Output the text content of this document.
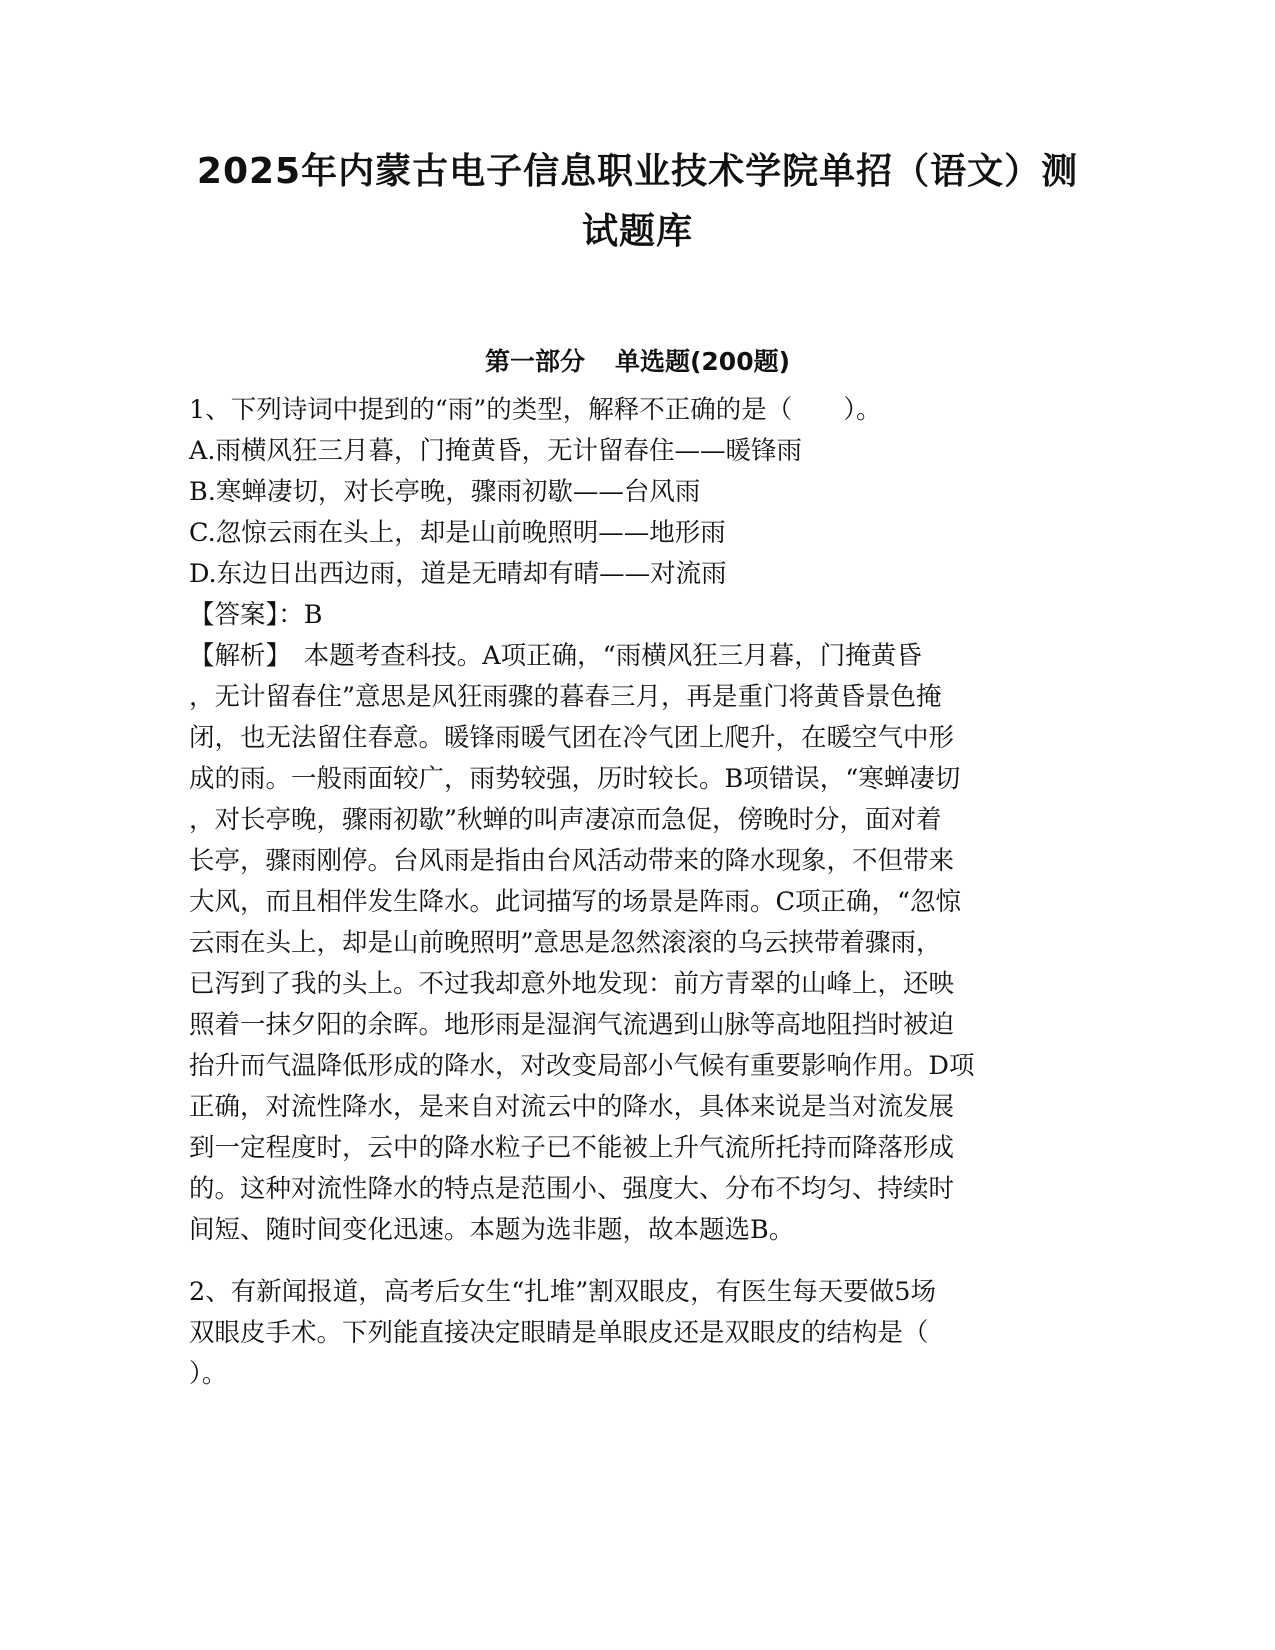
2025年内蒙古电子信息职业技术学院单招（语文）测
试题库
第一部分 单选题(200题)

1、下列诗词中提到的“雨”的类型，解释不正确的是（　　）。

A.雨横风狂三月暮，门掩黄昏，无计留春住——暖锋雨

B.寒蝉凄切，对长亭晚，骤雨初歇——台风雨

C.忽惊云雨在头上，却是山前晚照明——地形雨

D.东边日出西边雨，道是无晴却有晴——对流雨

【答案】：B

【解析】　本题考查科技。A项正确，“雨横风狂三月暮，门掩黄昏

，无计留春住”意思是风狂雨骤的暮春三月，再是重门将黄昏景色掩

闭，也无法留住春意。暖锋雨暖气团在冷气团上爬升，在暖空气中形

成的雨。一般雨面较广，雨势较强，历时较长。B项错误，“寒蝉凄切

，对长亭晚，骤雨初歇”秋蝉的叫声凄凉而急促，傍晚时分，面对着

长亭，骤雨刚停。台风雨是指由台风活动带来的降水现象，不但带来

大风，而且相伴发生降水。此词描写的场景是阵雨。C项正确，“忽惊

云雨在头上，却是山前晚照明”意思是忽然滚滚的乌云挟带着骤雨，

已泻到了我的头上。不过我却意外地发现：前方青翠的山峰上，还映

照着一抹夕阳的余晖。地形雨是湿润气流遇到山脉等高地阻挡时被迫

抬升而气温降低形成的降水，对改变局部小气候有重要影响作用。D项

正确，对流性降水，是来自对流云中的降水，具体来说是当对流发展

到一定程度时，云中的降水粒子已不能被上升气流所托持而降落形成

的。这种对流性降水的特点是范围小、强度大、分布不均匀、持续时

间短、随时间变化迅速。本题为选非题，故本题选B。

2、有新闻报道，高考后女生“扎堆”割双眼皮，有医生每天要做5场

双眼皮手术。下列能直接决定眼睛是单眼皮还是双眼皮的结构是（

）。
